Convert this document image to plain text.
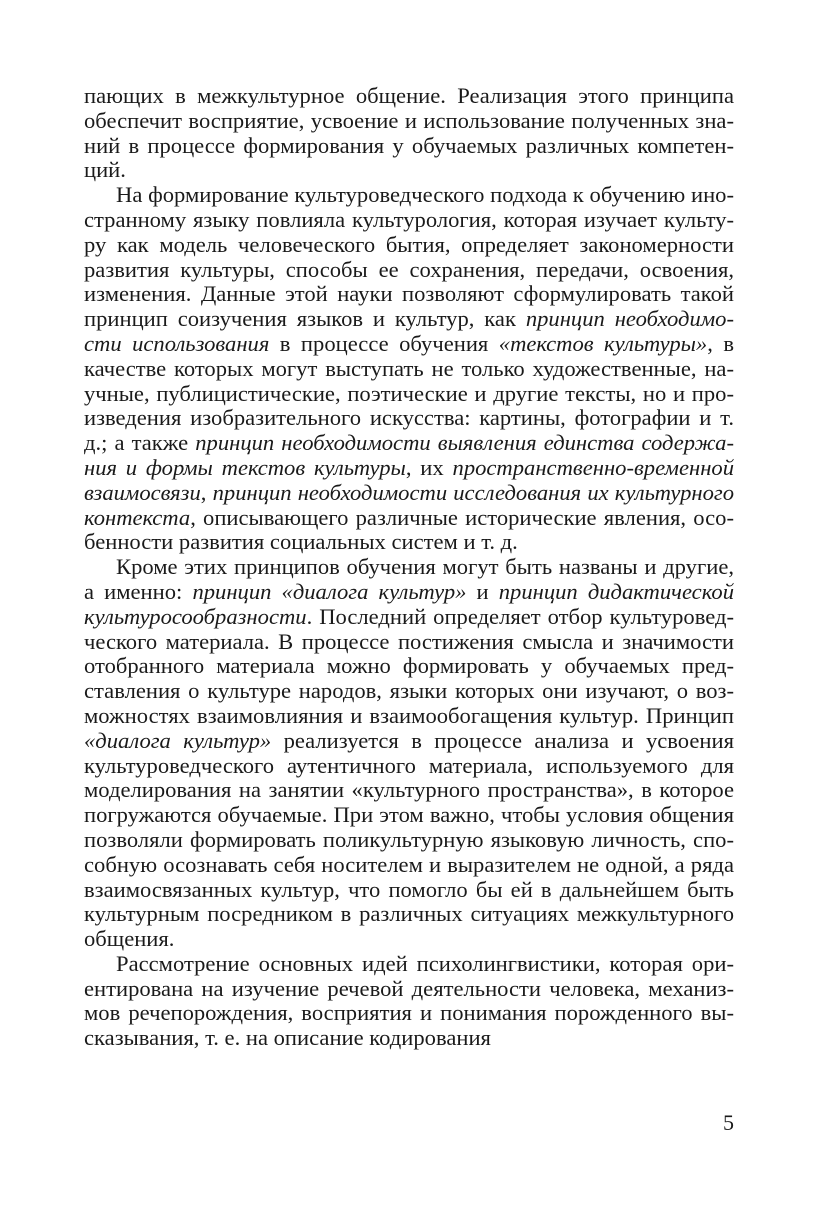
пающих в межкультурное общение. Реализация этого принципа обеспечит восприятие, усвоение и использование полученных знаний в процессе формирования у обучаемых различных компетенций.

На формирование культуроведческого подхода к обучению иностранному языку повлияла культурология, которая изучает культуру как модель человеческого бытия, определяет закономерности развития культуры, способы ее сохранения, передачи, освоения, изменения. Данные этой науки позволяют сформулировать такой принцип соизучения языков и культур, как принцип необходимости использования в процессе обучения «текстов культуры», в качестве которых могут выступать не только художественные, научные, публицистические, поэтические и другие тексты, но и произведения изобразительного искусства: картины, фотографии и т. д.; а также принцип необходимости выявления единства содержания и формы текстов культуры, их пространственно-временной взаимосвязи, принцип необходимости исследования их культурного контекста, описывающего различные исторические явления, особенности развития социальных систем и т. д.

Кроме этих принципов обучения могут быть названы и другие, а именно: принцип «диалога культур» и принцип дидактической культуросообразности. Последний определяет отбор культуроведческого материала. В процессе постижения смысла и значимости отобранного материала можно формировать у обучаемых представления о культуре народов, языки которых они изучают, о возможностях взаимовлияния и взаимообогащения культур. Принцип «диалога культур» реализуется в процессе анализа и усвоения культуроведческого аутентичного материала, используемого для моделирования на занятии «культурного пространства», в которое погружаются обучаемые. При этом важно, чтобы условия общения позволяли формировать поликультурную языковую личность, способную осознавать себя носителем и выразителем не одной, а ряда взаимосвязанных культур, что помогло бы ей в дальнейшем быть культурным посредником в различных ситуациях межкультурного общения.

Рассмотрение основных идей психолингвистики, которая ориентирована на изучение речевой деятельности человека, механизмов речепорождения, восприятия и понимания порожденного высказывания, т. е. на описание кодирования

5
